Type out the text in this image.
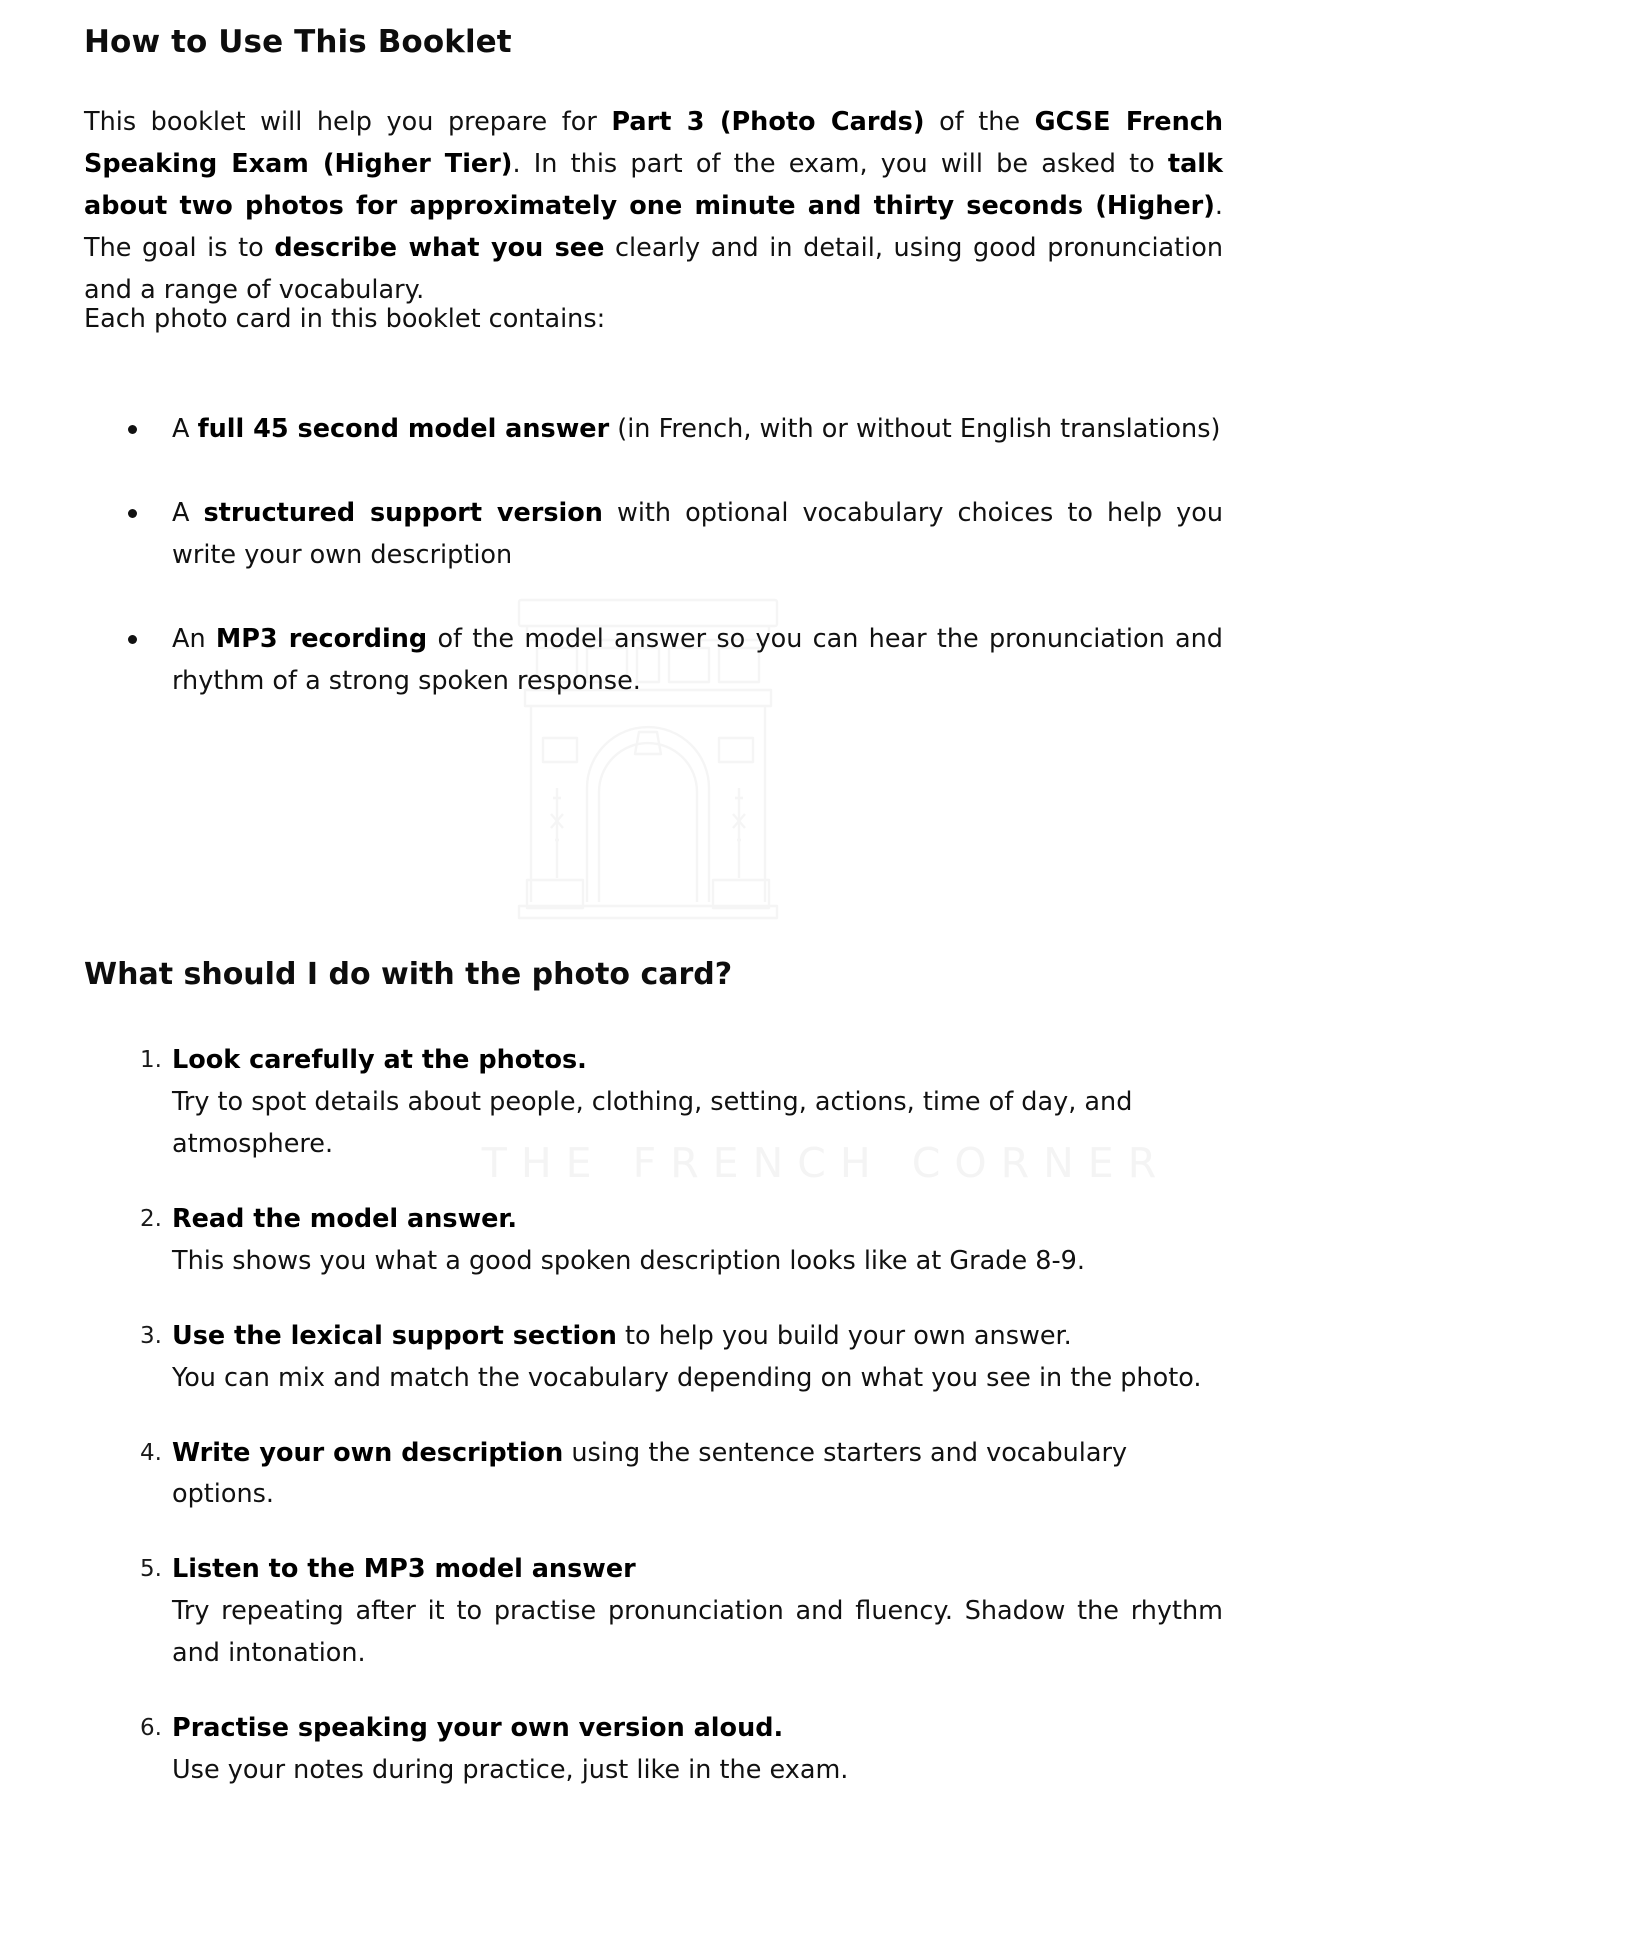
THE FRENCH CORNER
How to Use This Booklet

This booklet will help you prepare for Part 3 (Photo Cards) of the GCSE French Speaking Exam (Higher Tier). In this part of the exam, you will be asked to talk about two photos for approximately one minute and thirty seconds (Higher). The goal is to describe what you see clearly and in detail, using good pronunciation and a range of vocabulary.

Each photo card in this booklet contains:

A full 45 second model answer (in French, with or without English translations)
A structured support version with optional vocabulary choices to help you write your own description
An MP3 recording of the model answer so you can hear the pronunciation and rhythm of a strong spoken response.
What should I do with the photo card?
1. Look carefully at the photos.
Try to spot details about people, clothing, setting, actions, time of day, and atmosphere.
2. Read the model answer.
This shows you what a good spoken description looks like at Grade 8-9.
3. Use the lexical support section to help you build your own answer.
You can mix and match the vocabulary depending on what you see in the photo.
4. Write your own description using the sentence starters and vocabulary options.
5. Listen to the MP3 model answer
Try repeating after it to practise pronunciation and fluency. Shadow the rhythm and intonation.
6. Practise speaking your own version aloud.
Use your notes during practice, just like in the exam.
